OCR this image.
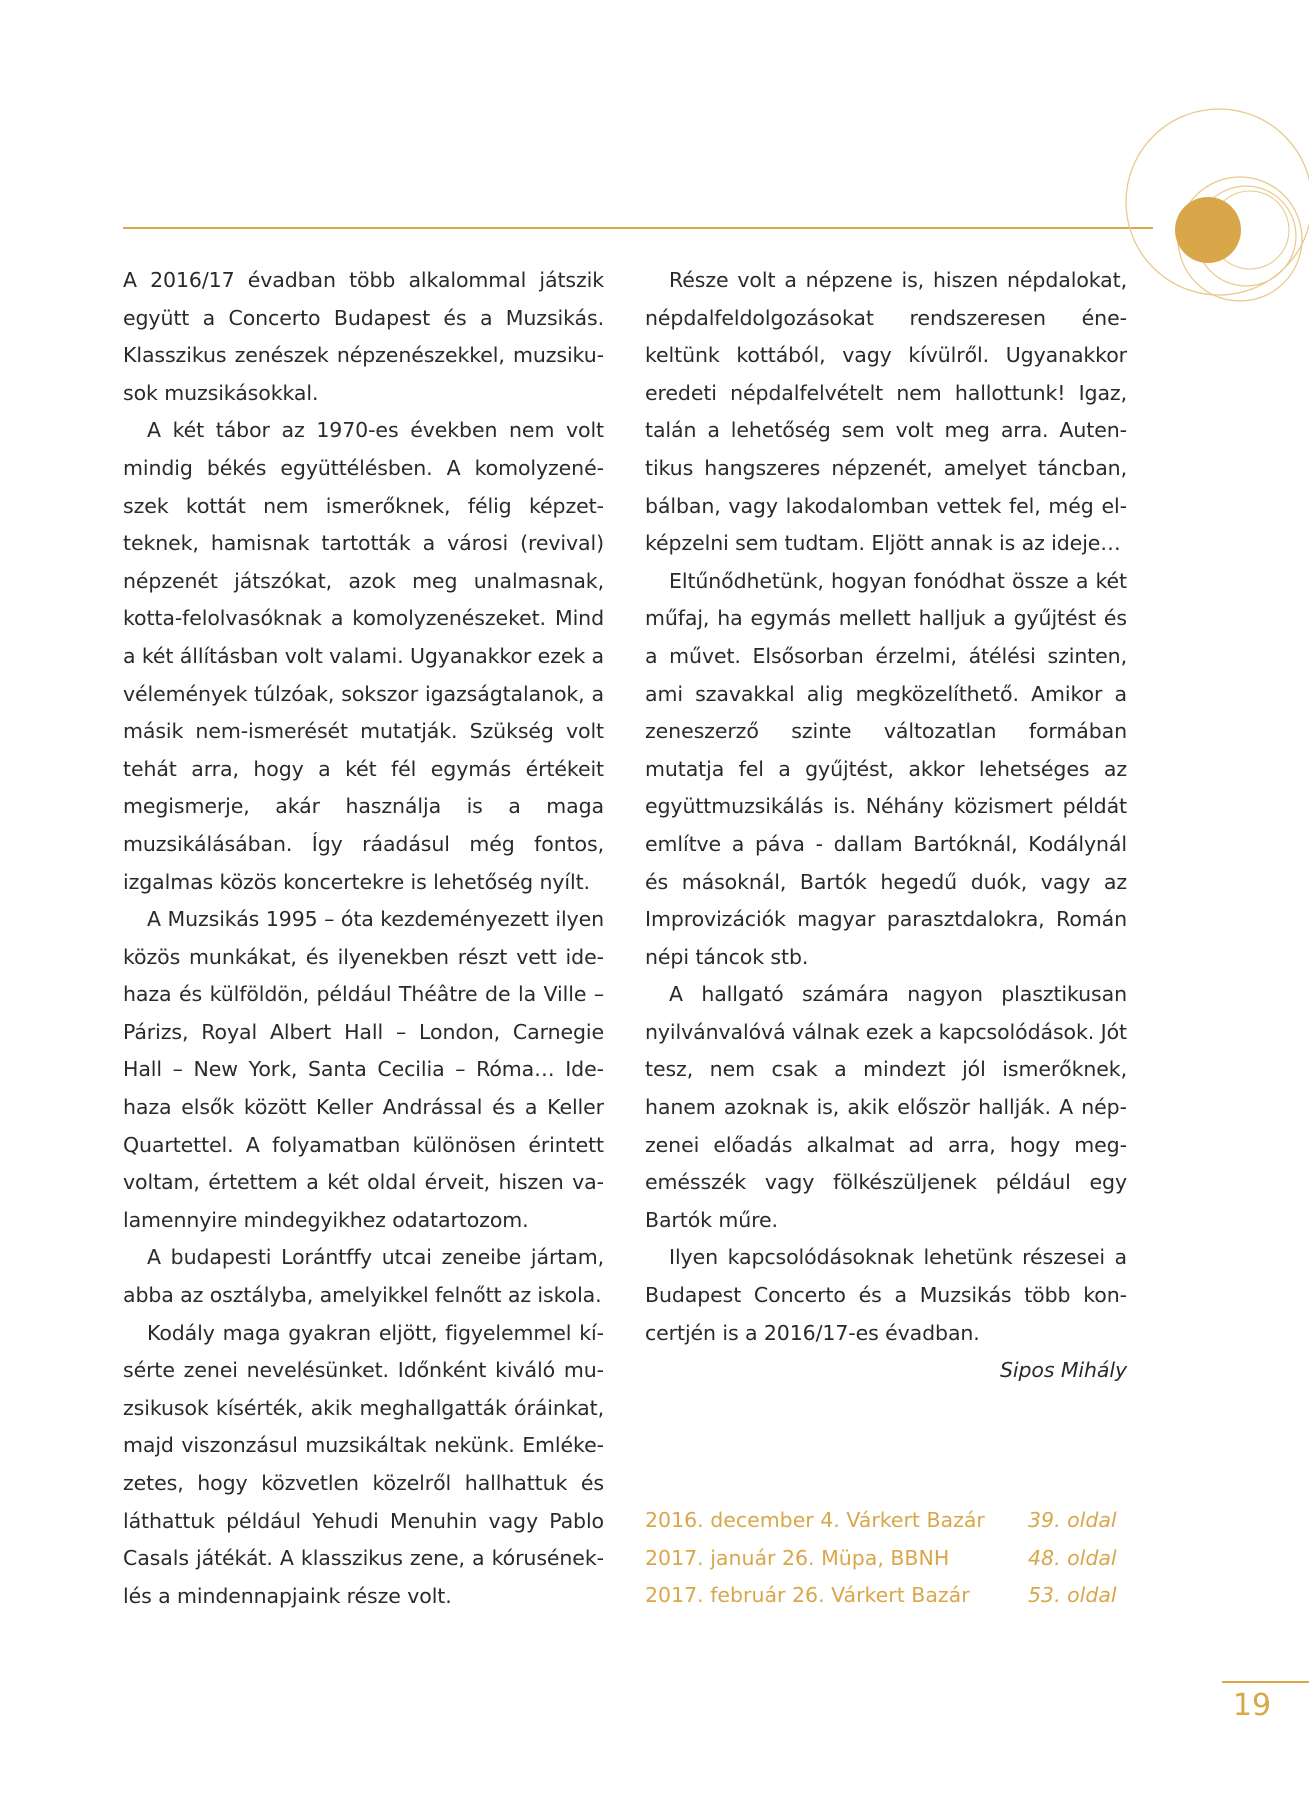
A 2016/17 évadban több alkalommal játszik együtt a Concerto Budapest és a Muzsikás. Klasszikus zenészek népzenészekkel, muzsikusok muzsikásokkal.

A két tábor az 1970-es években nem volt mindig békés együttélésben. A komolyzenészek kottát nem ismerőknek, félig képzetteknek, hamisnak tartották a városi (revival) népzenét játszókat, azok meg unalmasnak, kotta-felolvasóknak a komolyzenészeket. Mind a két állításban volt valami. Ugyanakkor ezek a vélemények túlzóak, sokszor igazságtalanok, a másik nem-ismerését mutatják. Szükség volt tehát arra, hogy a két fél egymás értékeit megismerje, akár használja is a maga muzsikálásában. Így ráadásul még fontos, izgalmas közös koncertekre is lehetőség nyílt.

A Muzsikás 1995 – óta kezdeményezett ilyen közös munkákat, és ilyenekben részt vett idehaza és külföldön, például Théâtre de la Ville – Párizs, Royal Albert Hall – London, Carnegie Hall – New York, Santa Cecilia – Róma… Idehaza elsők között Keller Andrással és a Keller Quartettel. A folyamatban különösen érintett voltam, értettem a két oldal érveit, hiszen valamennyire mindegyikhez odatartozom.

A budapesti Lorántffy utcai zeneibe jártam, abba az osztályba, amelyikkel felnőtt az iskola.

Kodály maga gyakran eljött, figyelemmel kísérte zenei nevelésünket. Időnként kiváló muzsikusok kísérték, akik meghallgatták óráinkat, majd viszonzásul muzsikáltak nekünk. Emlékezetes, hogy közvetlen közelről hallhattuk és láthattuk például Yehudi Menuhin vagy Pablo Casals játékát. A klasszikus zene, a kóruséneklés a mindennapjaink része volt.

Része volt a népzene is, hiszen népdalokat, népdalfeldolgozásokat rendszeresen énekeltünk kottából, vagy kívülről. Ugyanakkor eredeti népdalfelvételt nem hallottunk! Igaz, talán a lehetőség sem volt meg arra. Autentikus hangszeres népzenét, amelyet táncban, bálban, vagy lakodalomban vettek fel, még elképzelni sem tudtam. Eljött annak is az ideje…

Eltűnődhetünk, hogyan fonódhat össze a két műfaj, ha egymás mellett halljuk a gyűjtést és a művet. Elsősorban érzelmi, átélési szinten, ami szavakkal alig megközelíthető. Amikor a zeneszerző szinte változatlan formában mutatja fel a gyűjtést, akkor lehetséges az együttmuzsikálás is. Néhány közismert példát említve a páva - dallam Bartóknál, Kodálynál és másoknál, Bartók hegedű duók, vagy az Improvizációk magyar parasztdalokra, Román népi táncok stb.

A hallgató számára nagyon plasztikusan nyilvánvalóvá válnak ezek a kapcsolódások. Jót tesz, nem csak a mindezt jól ismerőknek, hanem azoknak is, akik először hallják. A népzenei előadás alkalmat ad arra, hogy megemésszék vagy fölkészüljenek például egy Bartók műre.

Ilyen kapcsolódásoknak lehetünk részesei a Budapest Concerto és a Muzsikás több koncertjén is a 2016/17-es évadban.

Sipos Mihály

2016. december 4. Várkert Bazár 39. oldal
2017. január 26. Müpa, BBNH	48. oldal
2017. február 26. Várkert Bazár	53. oldal
19
